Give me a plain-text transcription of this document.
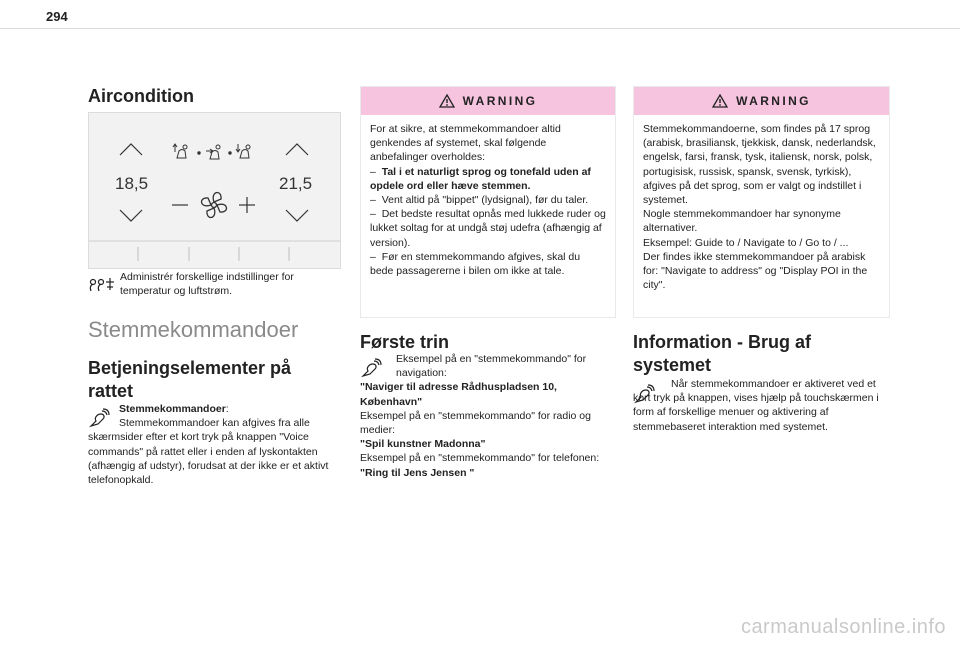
294
Aircondition
18,5	21,5
Administrér forskellige indstillinger for temperatur og luftstrøm.
Stemmekommandoer
Betjeningselementer på rattet
Stemmekommandoer:
Stemmekommandoer kan afgives fra alle skærmsider efter et kort tryk på knappen "Voice commands" på rattet eller i enden af lyskontakten (afhængig af udstyr), forudsat at der ikke er et aktivt telefonopkald.
WARNING
For at sikre, at stemmekommandoer altid genkendes af systemet, skal følgende anbefalinger overholdes:
– Tal i et naturligt sprog og tonefald uden af opdele ord eller hæve stemmen.
– Vent altid på "bippet" (lydsignal), før du taler.
– Det bedste resultat opnås med lukkede ruder og lukket soltag for at undgå støj udefra (afhængig af version).
– Før en stemmekommando afgives, skal du bede passagererne i bilen om ikke at tale.
Første trin
Eksempel på en "stemmekommando" for navigation:
"Naviger til adresse Rådhuspladsen 10, København"
Eksempel på en "stemmekommando" for radio og medier:
"Spil kunstner Madonna"
Eksempel på en "stemmekommando" for telefonen:
"Ring til Jens Jensen "
WARNING
Stemmekommandoerne, som findes på 17 sprog (arabisk, brasiliansk, tjekkisk, dansk, nederlandsk, engelsk, farsi, fransk, tysk, italiensk, norsk, polsk, portugisisk, russisk, spansk, svensk, tyrkisk), afgives på det sprog, som er valgt og indstillet i systemet.
Nogle stemmekommandoer har synonyme alternativer.
Eksempel: Guide to / Navigate to / Go to / ...
Der findes ikke stemmekommandoer på arabisk for: "Navigate to address" og "Display POI in the city".
Information - Brug af systemet
Når stemmekommandoer er aktiveret ved et kort tryk på knappen, vises hjælp på touchskærmen i form af forskellige menuer og aktivering af stemmebaseret interaktion med systemet.
carmanualsonline.info
